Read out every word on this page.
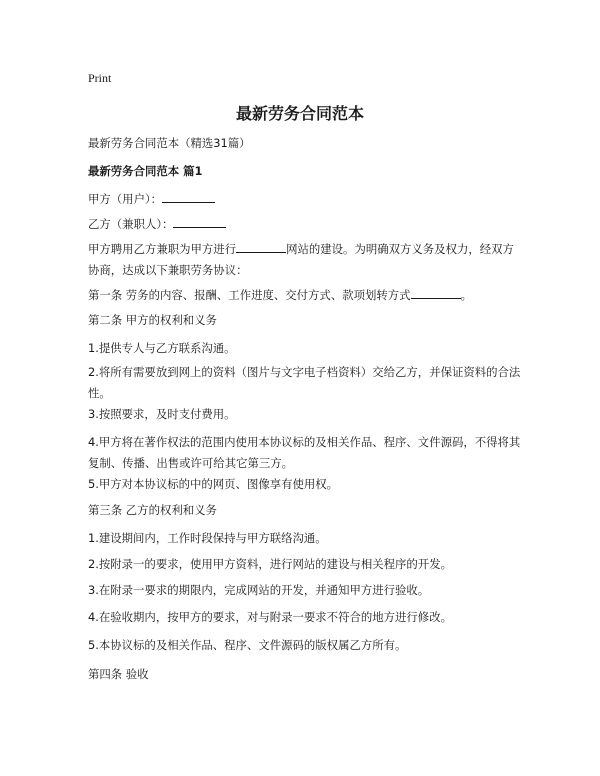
Print
最新劳务合同范本
最新劳务合同范本（精选31篇）
最新劳务合同范本 篇1
甲方（用户）：
乙方（兼职人）：
甲方聘用乙方兼职为甲方进行	网站的建设。为明确双方义务及权力，经双方协商，达成以下兼职劳务协议：
第一条 劳务的内容、报酬、工作进度、交付方式、款项划转方式	。
第二条 甲方的权利和义务
1.提供专人与乙方联系沟通。
2.将所有需要放到网上的资料（图片与文字电子档资料）交给乙方，并保证资料的合法性。
3.按照要求，及时支付费用。
4.甲方将在著作权法的范围内使用本协议标的及相关作品、程序、文件源码，不得将其复制、传播、出售或许可给其它第三方。
5.甲方对本协议标的中的网页、图像享有使用权。
第三条 乙方的权利和义务
1.建设期间内，工作时段保持与甲方联络沟通。
2.按附录一的要求，使用甲方资料，进行网站的建设与相关程序的开发。
3.在附录一要求的期限内，完成网站的开发，并通知甲方进行验收。
4.在验收期内，按甲方的要求，对与附录一要求不符合的地方进行修改。
5.本协议标的及相关作品、程序、文件源码的版权属乙方所有。
第四条 验收
